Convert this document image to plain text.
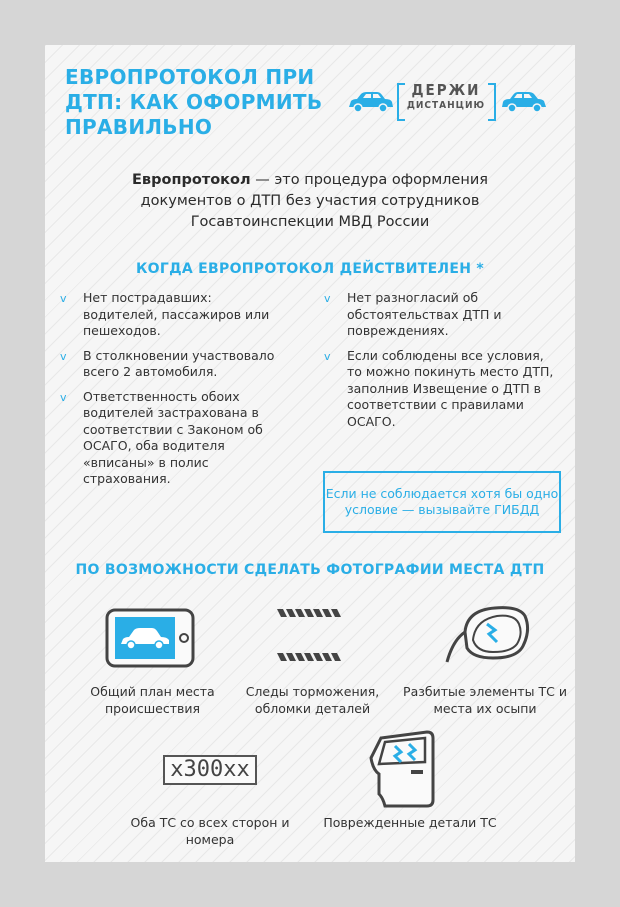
ЕВРОПРОТОКОЛ ПРИ
ДТП: КАК ОФОРМИТЬ
ПРАВИЛЬНО
ДЕРЖИ
ДИСТАНЦИЮ
Европротокол — это процедура оформления документов о ДТП без участия сотрудников Госавтоинспекции МВД России
КОГДА ЕВРОПРОТОКОЛ ДЕЙСТВИТЕЛЕН *
v Нет пострадавших: водителей, пассажиров или пешеходов.
v В столкновении участвовало всего 2 автомобиля.
v Ответственность обоих водителей застрахована в соответствии с Законом об ОСАГО, оба водителя «вписаны» в полис страхования.
v Нет разногласий об обстоятельствах ДТП и повреждениях.
v Если соблюдены все условия, то можно покинуть место ДТП, заполнив Извещение о ДТП в соответствии с правилами ОСАГО.
Если не соблюдается хотя бы одно условие — вызывайте ГИБДД
ПО ВОЗМОЖНОСТИ СДЕЛАТЬ ФОТОГРАФИИ МЕСТА ДТП
Общий план места происшествия
Следы торможения, обломки деталей
Разбитые элементы ТС и места их осыпи
х300хх
Оба ТС со всех сторон и номера
Поврежденные детали ТС
